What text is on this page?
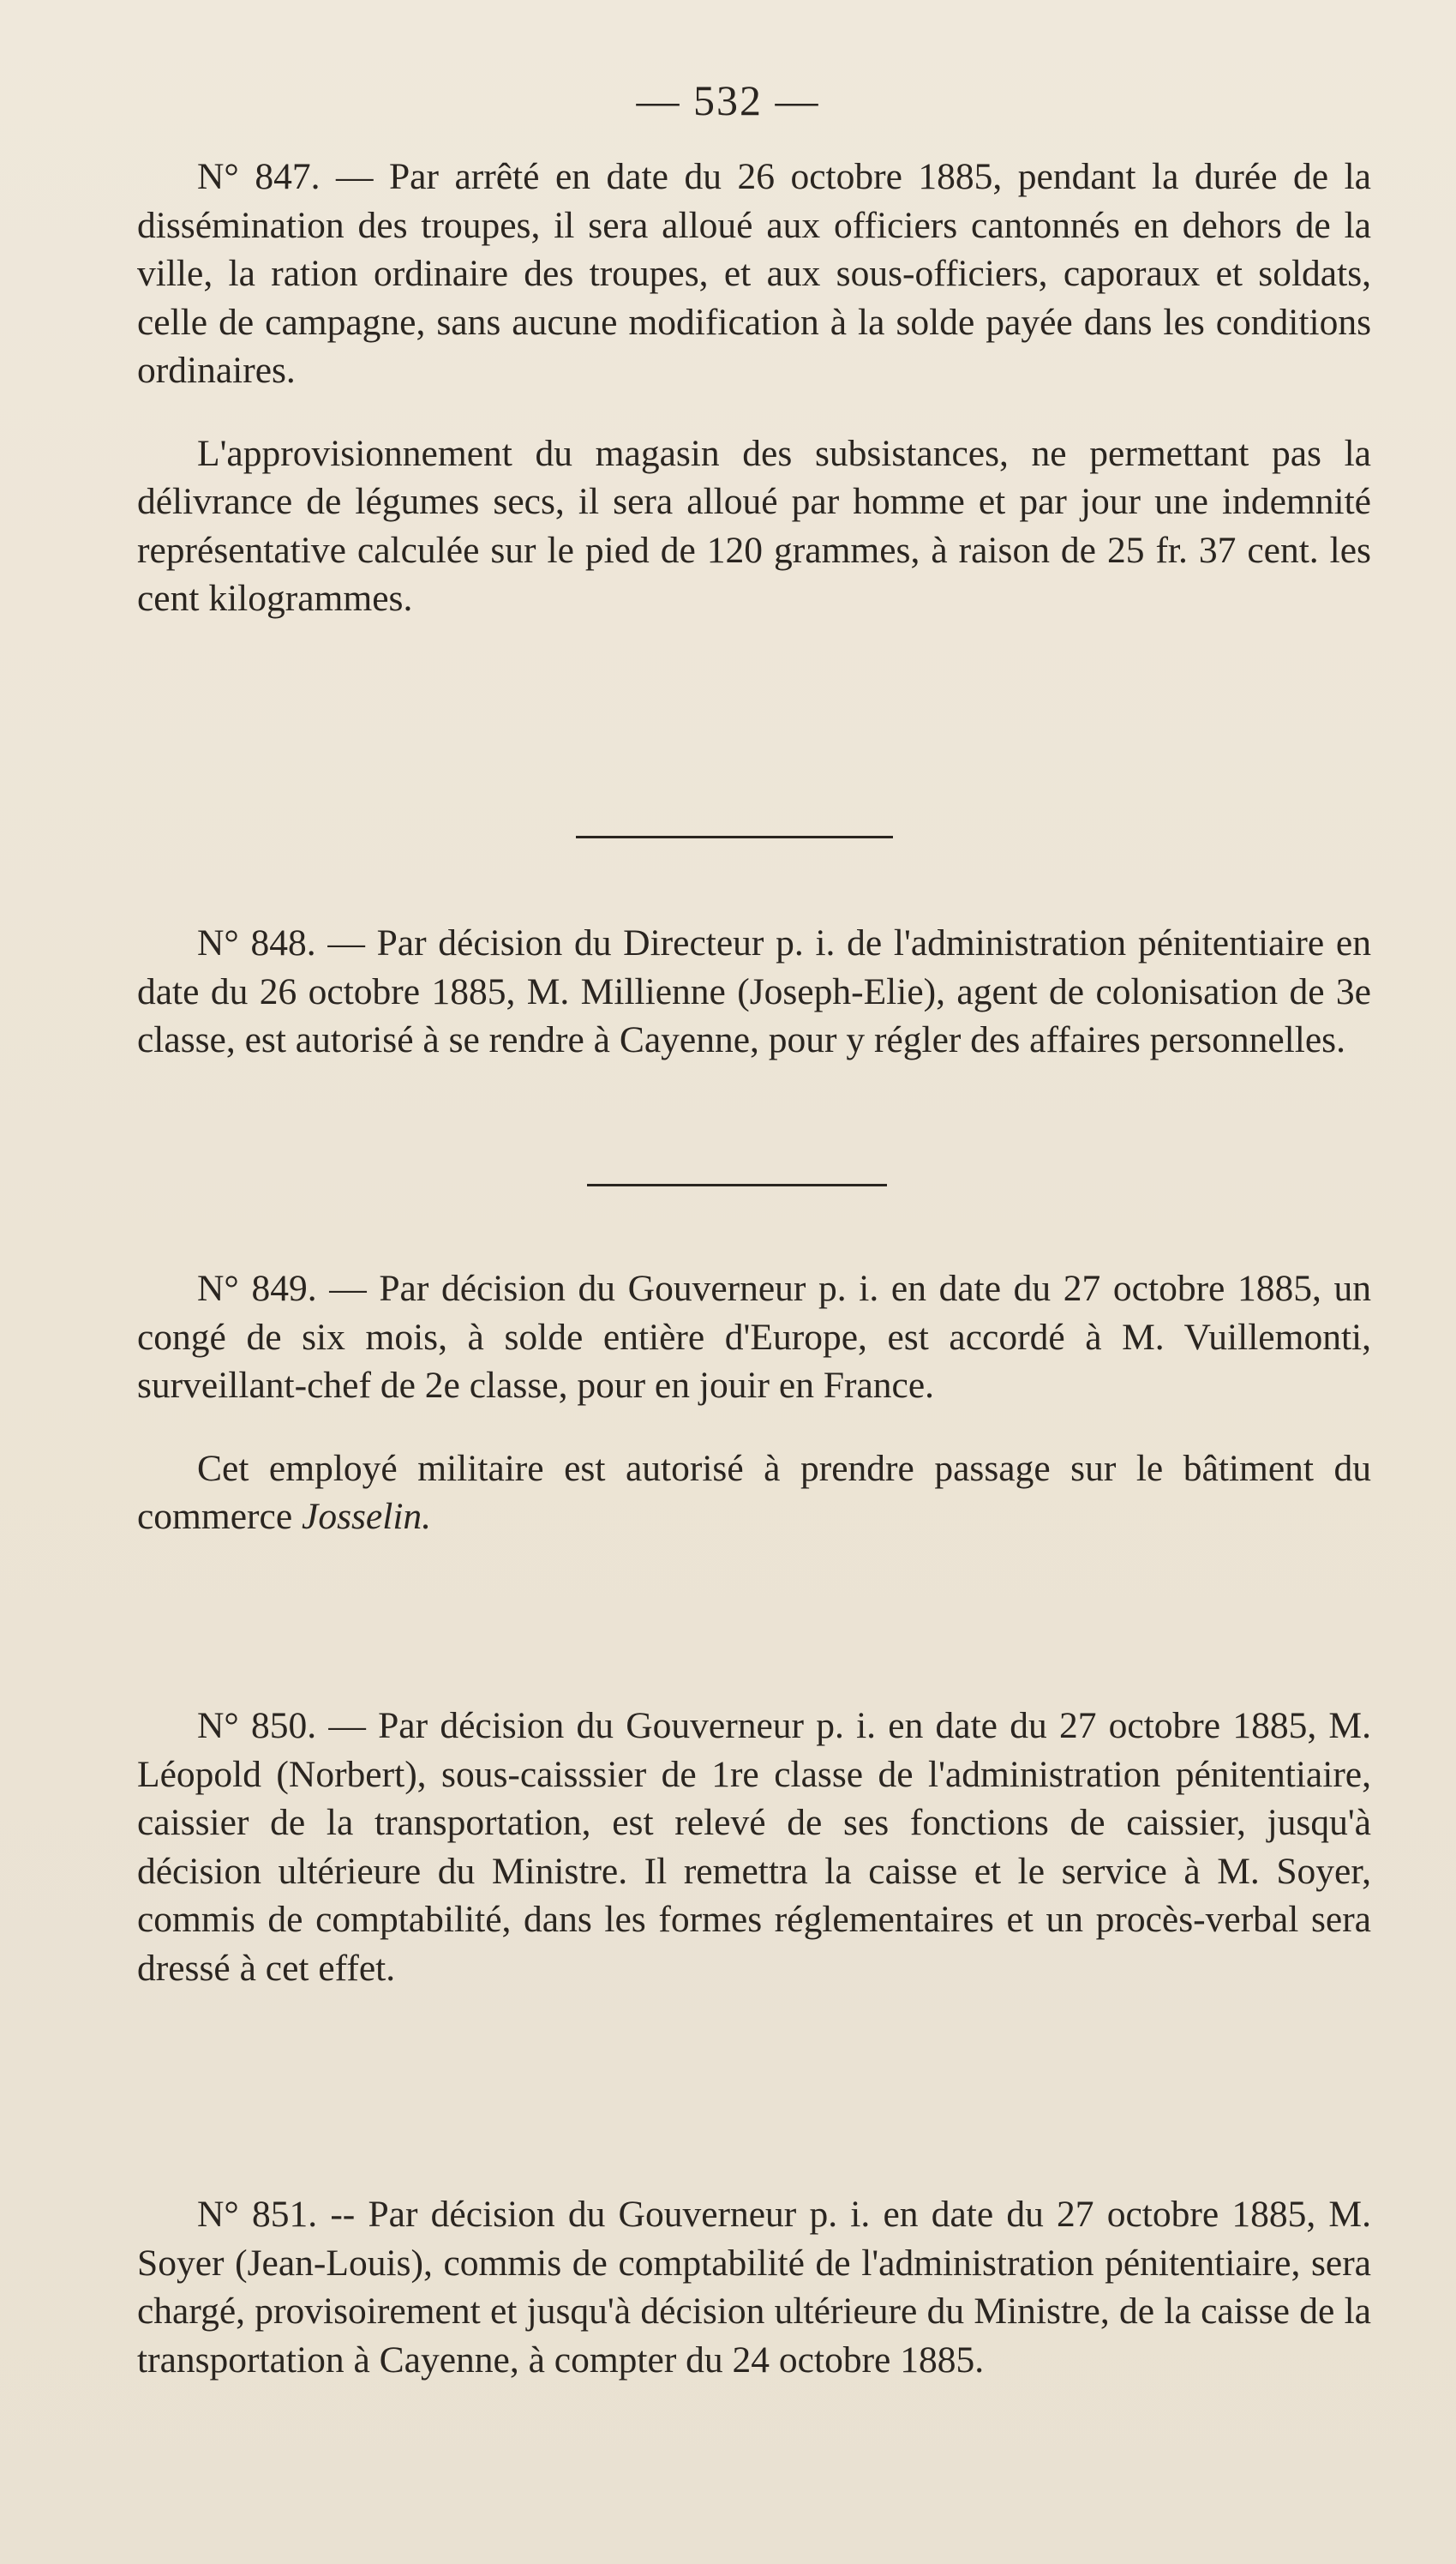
— 532 —

N° 847. — Par arrêté en date du 26 octobre 1885, pendant la durée de la dissémination des troupes, il sera alloué aux officiers cantonnés en dehors de la ville, la ration ordinaire des troupes, et aux sous-officiers, caporaux et soldats, celle de campagne, sans aucune modification à la solde payée dans les conditions ordinaires.

L'approvisionnement du magasin des subsistances, ne permettant pas la délivrance de légumes secs, il sera alloué par homme et par jour une indemnité représentative calculée sur le pied de 120 grammes, à raison de 25 fr. 37 cent. les cent kilogrammes.

N° 848. — Par décision du Directeur p. i. de l'administration pénitentiaire en date du 26 octobre 1885, M. Millienne (Joseph-Elie), agent de colonisation de 3e classe, est autorisé à se rendre à Cayenne, pour y régler des affaires personnelles.

N° 849. — Par décision du Gouverneur p. i. en date du 27 octobre 1885, un congé de six mois, à solde entière d'Europe, est accordé à M. Vuillemonti, surveillant-chef de 2e classe, pour en jouir en France.

Cet employé militaire est autorisé à prendre passage sur le bâtiment du commerce Josselin.

N° 850. — Par décision du Gouverneur p. i. en date du 27 octobre 1885, M. Léopold (Norbert), sous-caisssier de 1re classe de l'administration pénitentiaire, caissier de la transportation, est relevé de ses fonctions de caissier, jusqu'à décision ultérieure du Ministre. Il remettra la caisse et le service à M. Soyer, commis de comptabilité, dans les formes réglementaires et un procès-verbal sera dressé à cet effet.

N° 851. -- Par décision du Gouverneur p. i. en date du 27 octobre 1885, M. Soyer (Jean-Louis), commis de comptabilité de l'administration pénitentiaire, sera chargé, provisoirement et jusqu'à décision ultérieure du Ministre, de la caisse de la transportation à Cayenne, à compter du 24 octobre 1885.
